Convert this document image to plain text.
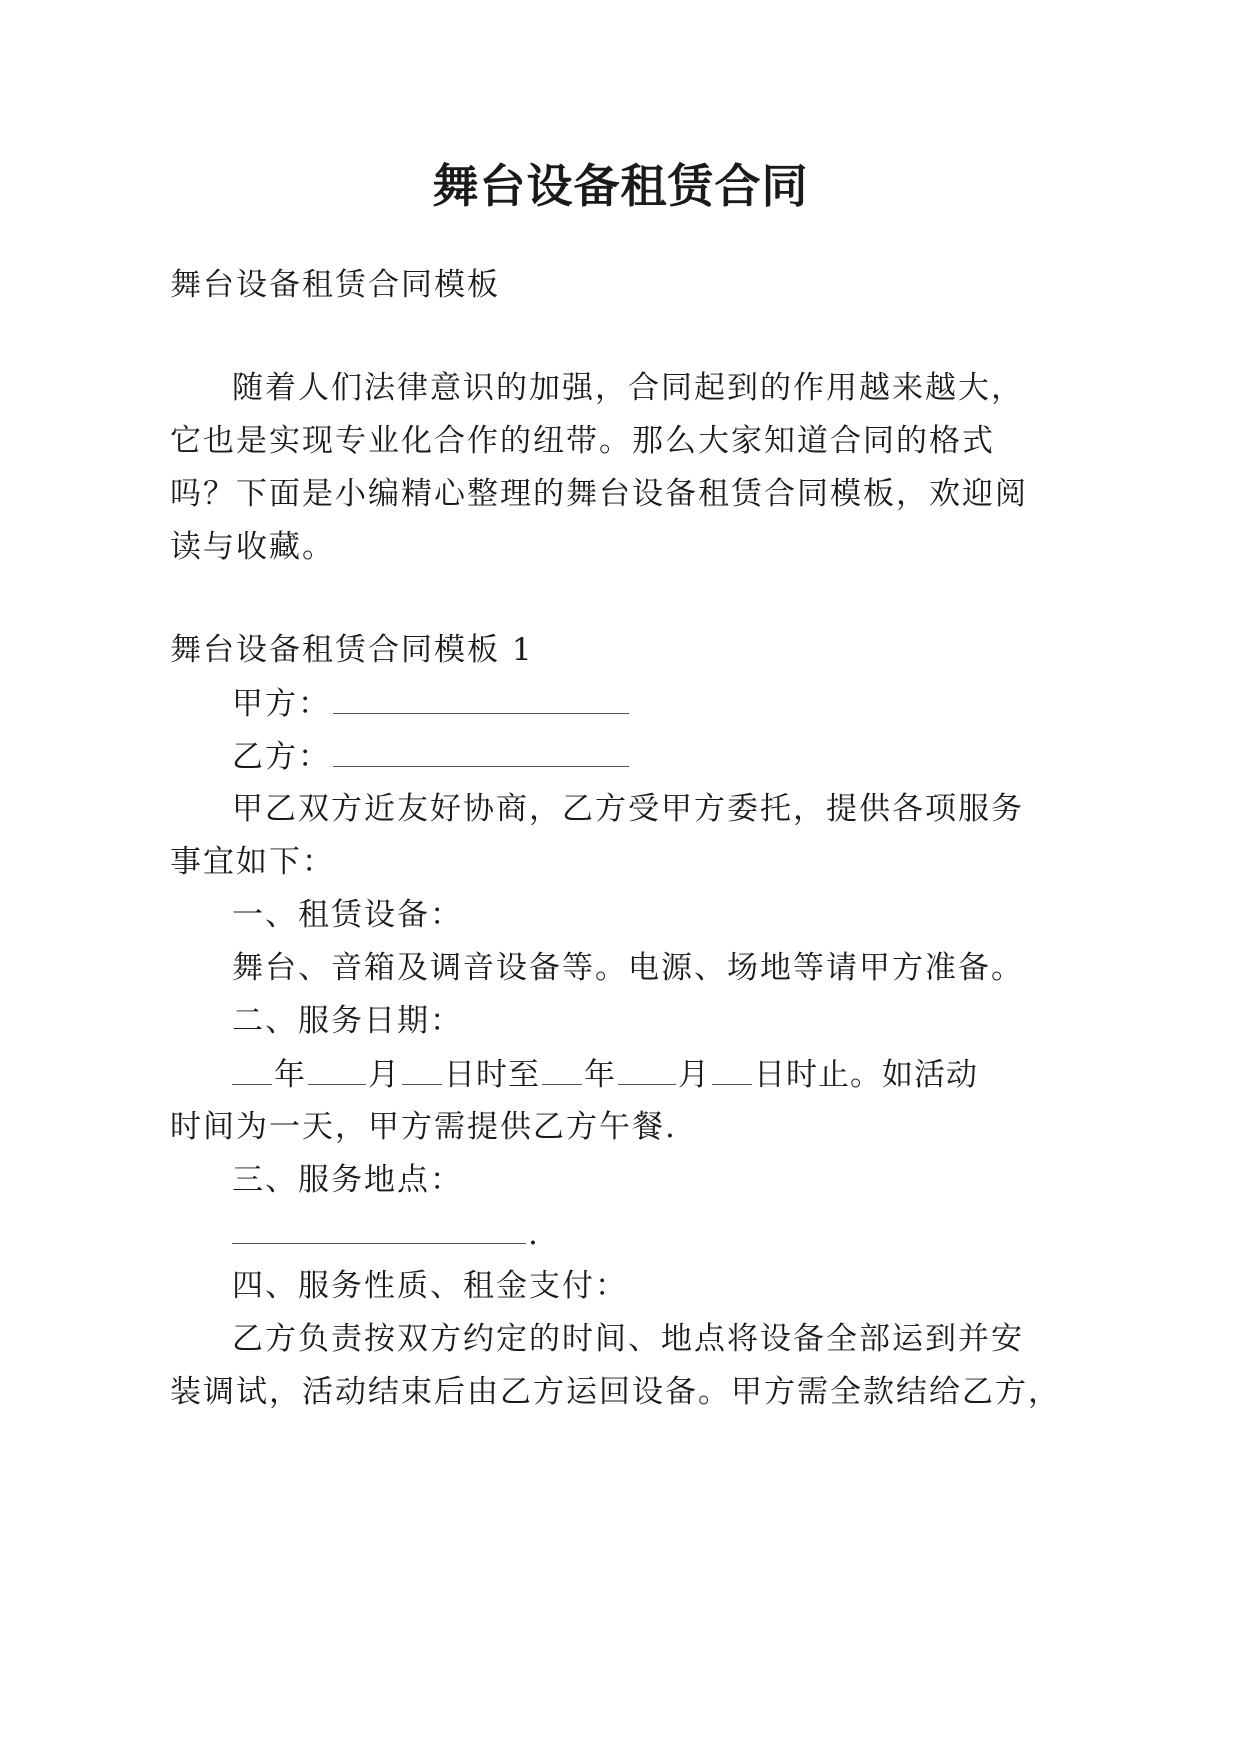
舞台设备租赁合同

舞台设备租赁合同模板

随着人们法律意识的加强，合同起到的作用越来越大，

它也是实现专业化合作的纽带。那么大家知道合同的格式

吗？下面是小编精心整理的舞台设备租赁合同模板，欢迎阅

读与收藏。

舞台设备租赁合同模板 1

甲方：
乙方：

甲乙双方近友好协商，乙方受甲方委托，提供各项服务

事宜如下：

一、租赁设备：

舞台、音箱及调音设备等。电源、场地等请甲方准备。

二、服务日期：

年 月 日时至 年 月 日时止。如活动

时间为一天，甲方需提供乙方午餐.

三、服务地点：

.

四、服务性质、租金支付：

乙方负责按双方约定的时间、地点将设备全部运到并安

装调试，活动结束后由乙方运回设备。甲方需全款结给乙方，
